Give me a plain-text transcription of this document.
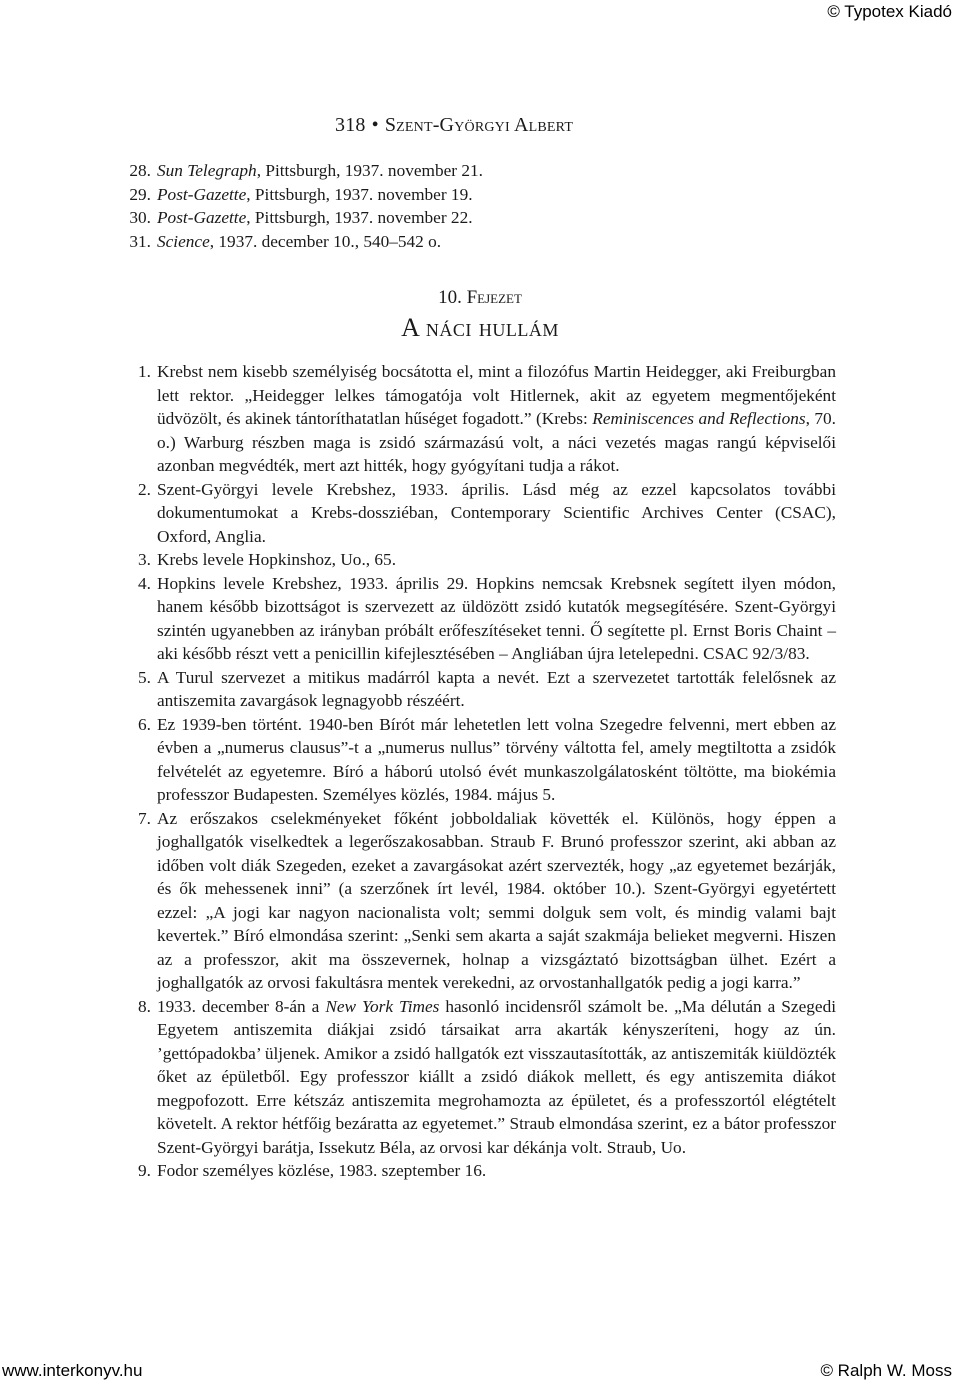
© Typotex Kiadó
318 • Szent-Györgyi Albert
28. Sun Telegraph, Pittsburgh, 1937. november 21.
29. Post-Gazette, Pittsburgh, 1937. november 19.
30. Post-Gazette, Pittsburgh, 1937. november 22.
31. Science, 1937. december 10., 540–542 o.
10. Fejezet
A náci hullám
1. Krebst nem kisebb személyiség bocsátotta el, mint a filozófus Martin Heidegger, aki Freiburgban lett rektor. „Heidegger lelkes támogatója volt Hitlernek, akit az egyetem megmentőjeként üdvözölt, és akinek tántoríthatatlan hűséget fogadott.” (Krebs: Reminiscences and Reflections, 70. o.) Warburg részben maga is zsidó származású volt, a náci vezetés magas rangú képviselői azonban megvédték, mert azt hitték, hogy gyógyítani tudja a rákot.

2. Szent-Györgyi levele Krebshez, 1933. április. Lásd még az ezzel kapcsolatos további dokumentumokat a Krebs-dossziéban, Contemporary Scientific Archives Center (CSAC), Oxford, Anglia.

3. Krebs levele Hopkinshoz, Uo., 65.

4. Hopkins levele Krebshez, 1933. április 29. Hopkins nemcsak Krebsnek segített ilyen módon, hanem később bizottságot is szervezett az üldözött zsidó kutatók megsegítésére. Szent-Györgyi szintén ugyanebben az irányban próbált erőfeszítéseket tenni. Ő segítette pl. Ernst Boris Chaint – aki később részt vett a penicillin kifejlesztésében – Angliában újra letelepedni. CSAC 92/3/83.

5. A Turul szervezet a mitikus madárról kapta a nevét. Ezt a szervezetet tartották felelősnek az antiszemita zavargások legnagyobb részéért.

6. Ez 1939-ben történt. 1940-ben Bírót már lehetetlen lett volna Szegedre felvenni, mert ebben az évben a „numerus clausus”-t a „numerus nullus” törvény váltotta fel, amely megtiltotta a zsidók felvételét az egyetemre. Bíró a háború utolsó évét munkaszolgálatosként töltötte, ma biokémia professzor Budapesten. Személyes közlés, 1984. május 5.

7. Az erőszakos cselekményeket főként jobboldaliak követték el. Különös, hogy éppen a joghallgatók viselkedtek a legerőszakosabban. Straub F. Brunó professzor szerint, aki abban az időben volt diák Szegeden, ezeket a zavargásokat azért szervezték, hogy „az egyetemet bezárják, és ők mehessenek inni” (a szerzőnek írt levél, 1984. október 10.). Szent-Györgyi egyetértett ezzel: „A jogi kar nagyon nacionalista volt; semmi dolguk sem volt, és mindig valami bajt kevertek.” Bíró elmondása szerint: „Senki sem akarta a saját szakmája belieket megverni. Hiszen az a professzor, akit ma összevernek, holnap a vizsgáztató bizottságban ülhet. Ezért a joghallgatók az orvosi fakultásra mentek verekedni, az orvostanhallgatók pedig a jogi karra.”

8. 1933. december 8-án a New York Times hasonló incidensről számolt be. „Ma délután a Szegedi Egyetem antiszemita diákjai zsidó társaikat arra akarták kényszeríteni, hogy az ún. ’gettópadokba’ üljenek. Amikor a zsidó hallgatók ezt visszautasították, az antiszemiták kiüldözték őket az épületből. Egy professzor kiállt a zsidó diákok mellett, és egy antiszemita diákot megpofozott. Erre kétszáz antiszemita megrohamozta az épületet, és a professzortól elégtételt követelt. A rektor hétfőig bezáratta az egyetemet.” Straub elmondása szerint, ez a bátor professzor Szent-Györgyi barátja, Issekutz Béla, az orvosi kar dékánja volt. Straub, Uo.

9. Fodor személyes közlése, 1983. szeptember 16.

www.interkonyv.hu	© Ralph W. Moss
